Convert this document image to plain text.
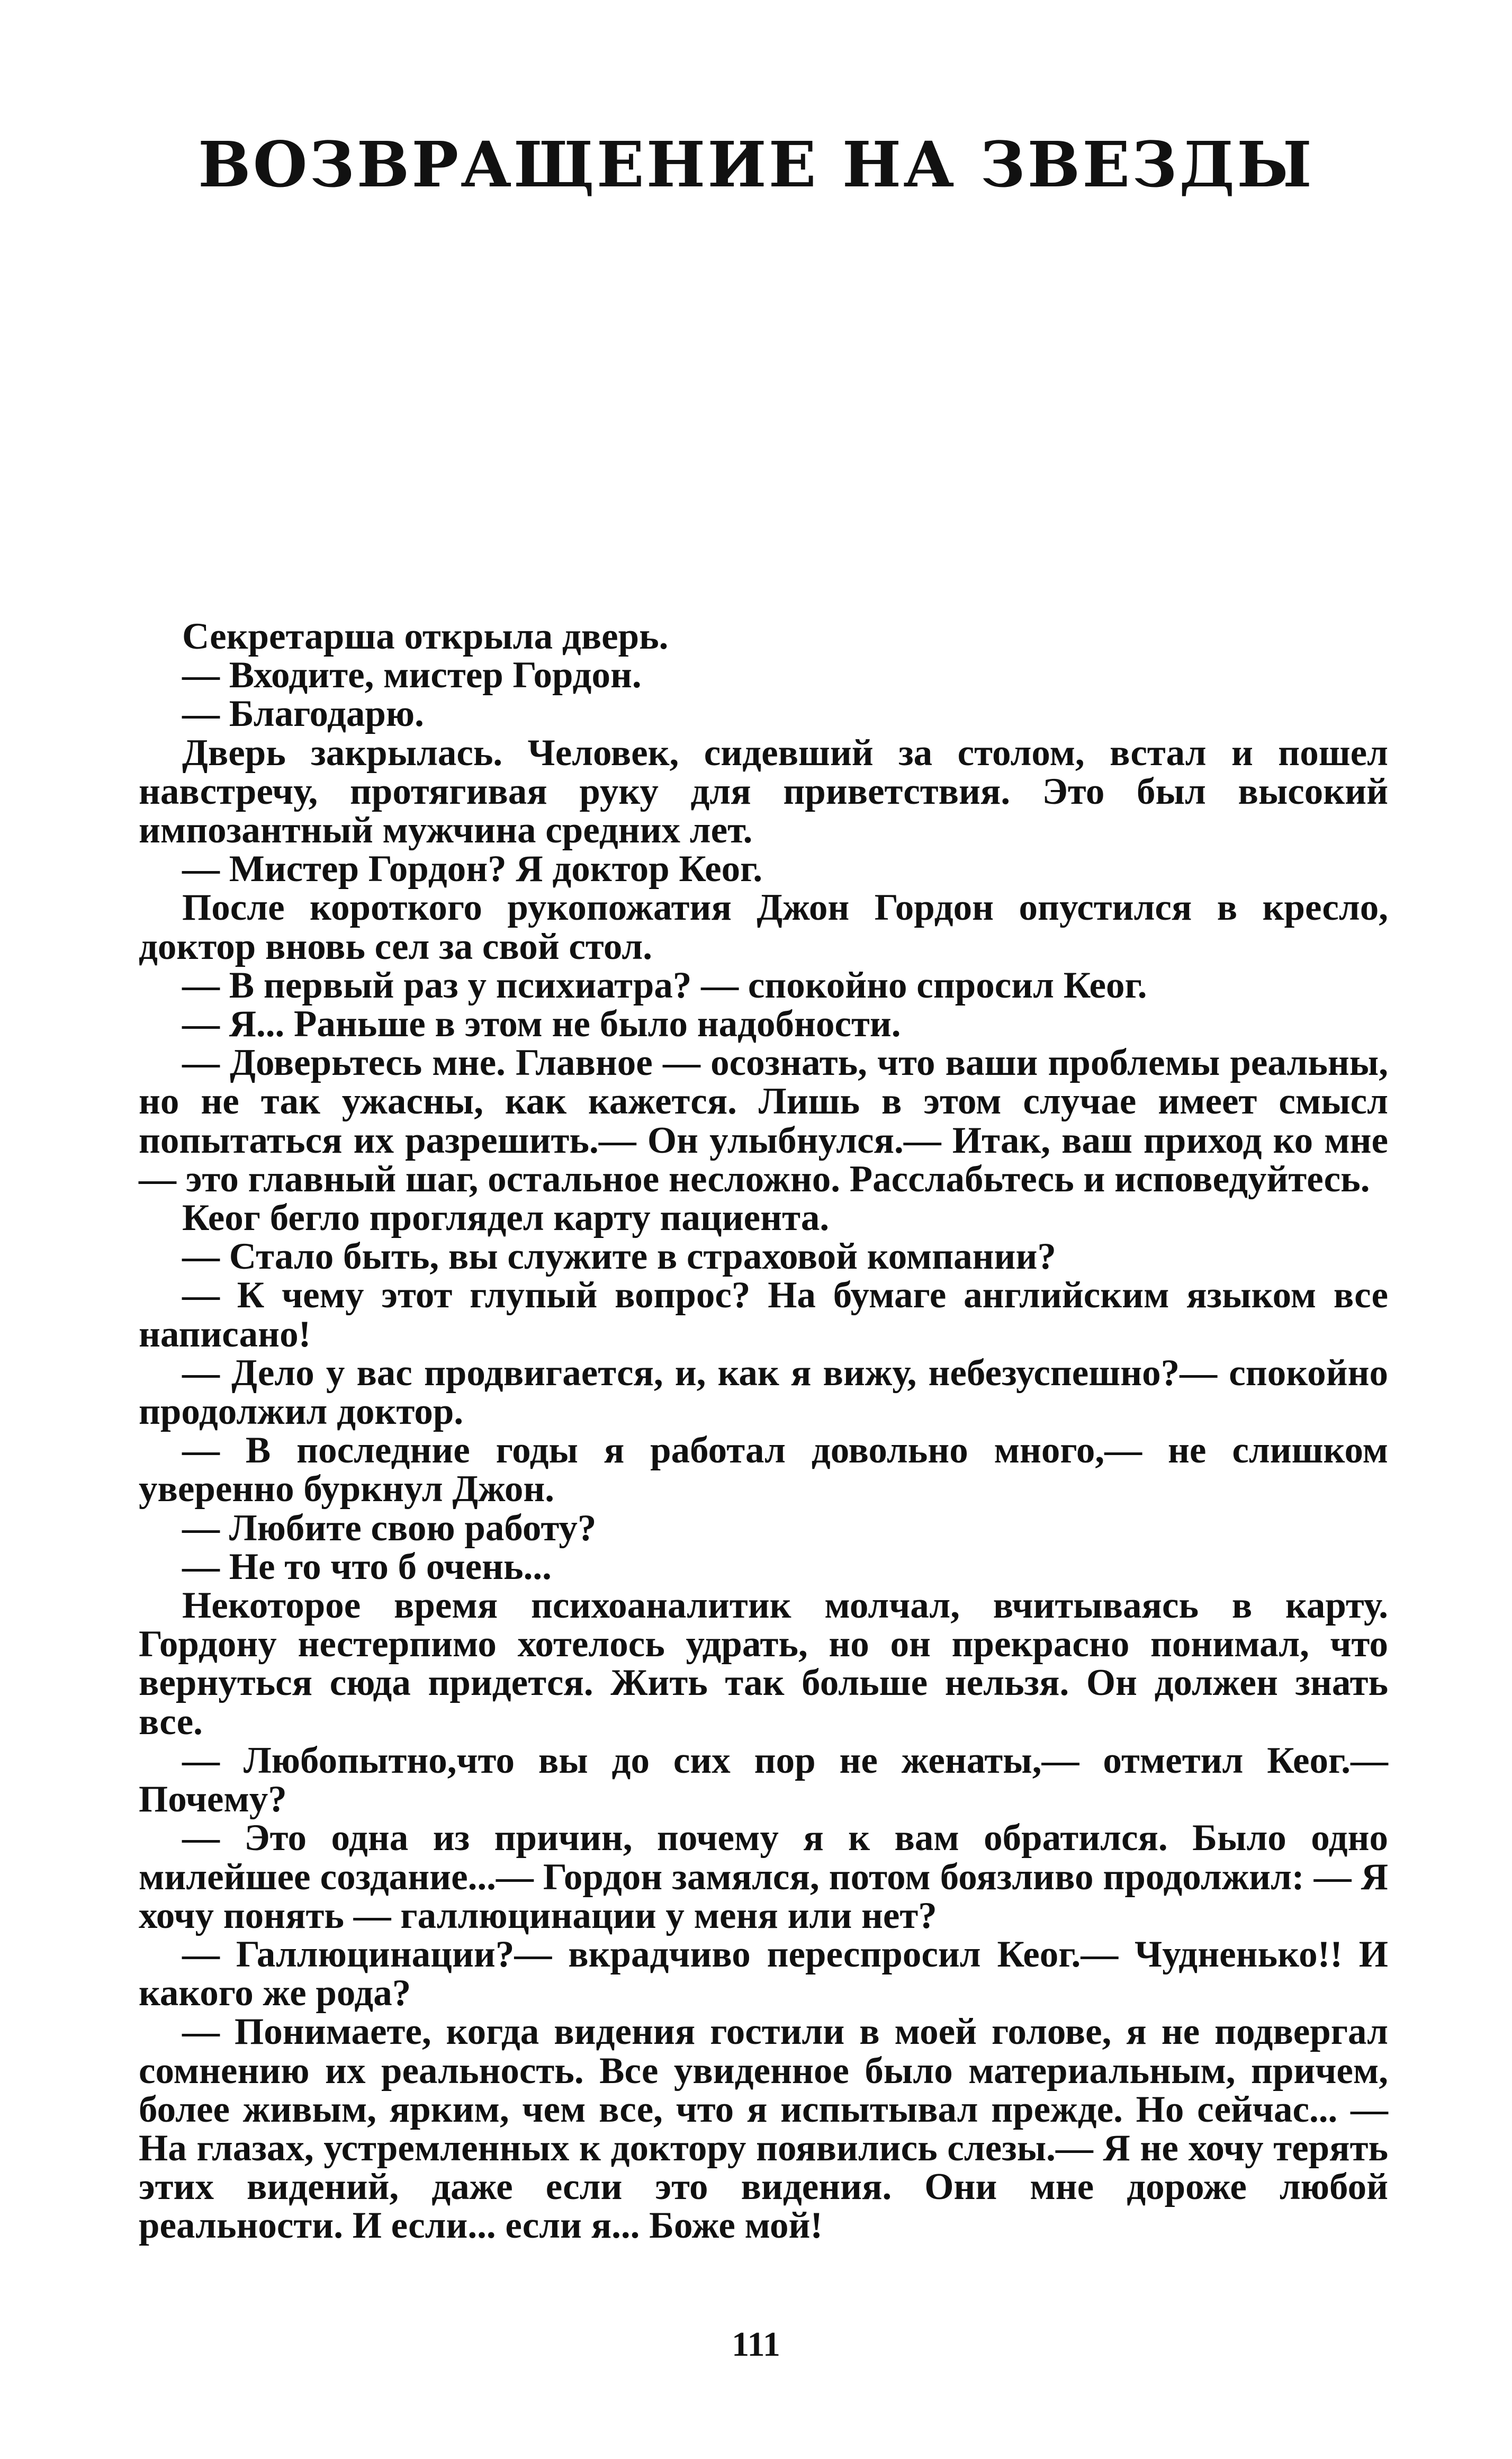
ВОЗВРАЩЕНИЕ НА ЗВЕЗДЫ

Секретарша открыла дверь.

— Входите, мистер Гордон.

— Благодарю.

Дверь закрылась. Человек, сидевший за столом, встал и пошел навстречу, протягивая руку для приветствия. Это был высокий импозантный мужчина средних лет.

— Мистер Гордон? Я доктор Кеог.

После короткого рукопожатия Джон Гордон опустился в кресло, доктор вновь сел за свой стол.

— В первый раз у психиатра? — спокойно спросил Кеог.

— Я... Раньше в этом не было надобности.

— Доверьтесь мне. Главное — осознать, что ваши проблемы реальны, но не так ужасны, как кажется. Лишь в этом случае имеет смысл попытаться их разрешить.— Он улыбнулся.— Итак, ваш приход ко мне — это главный шаг, остальное несложно. Расслабьтесь и исповедуйтесь.

Кеог бегло проглядел карту пациента.

— Стало быть, вы служите в страховой компании?

— К чему этот глупый вопрос? На бумаге английским языком все написано!

— Дело у вас продвигается, и, как я вижу, небезуспешно?— спокойно продолжил доктор.

— В последние годы я работал довольно много,— не слишком уверенно буркнул Джон.

— Любите свою работу?

— Не то что б очень...

Некоторое время психоаналитик молчал, вчитываясь в карту. Гордону нестерпимо хотелось удрать, но он прекрасно понимал, что вернуться сюда придется. Жить так больше нельзя. Он должен знать все.

— Любопытно,что вы до сих пор не женаты,— отметил Кеог.— Почему?

— Это одна из причин, почему я к вам обратился. Было одно милейшее создание...— Гордон замялся, потом боязливо продолжил: — Я хочу понять — галлюцинации у меня или нет?

— Галлюцинации?— вкрадчиво переспросил Кеог.— Чудненько!! И какого же рода?

— Понимаете, когда видения гостили в моей голове, я не подвергал сомнению их реальность. Все увиденное было материальным, причем, более живым, ярким, чем все, что я испытывал прежде. Но сейчас... — На глазах, устремленных к доктору появились слезы.— Я не хочу терять этих видений, даже если это видения. Они мне дороже любой реальности. И если... если я... Боже мой!

111
